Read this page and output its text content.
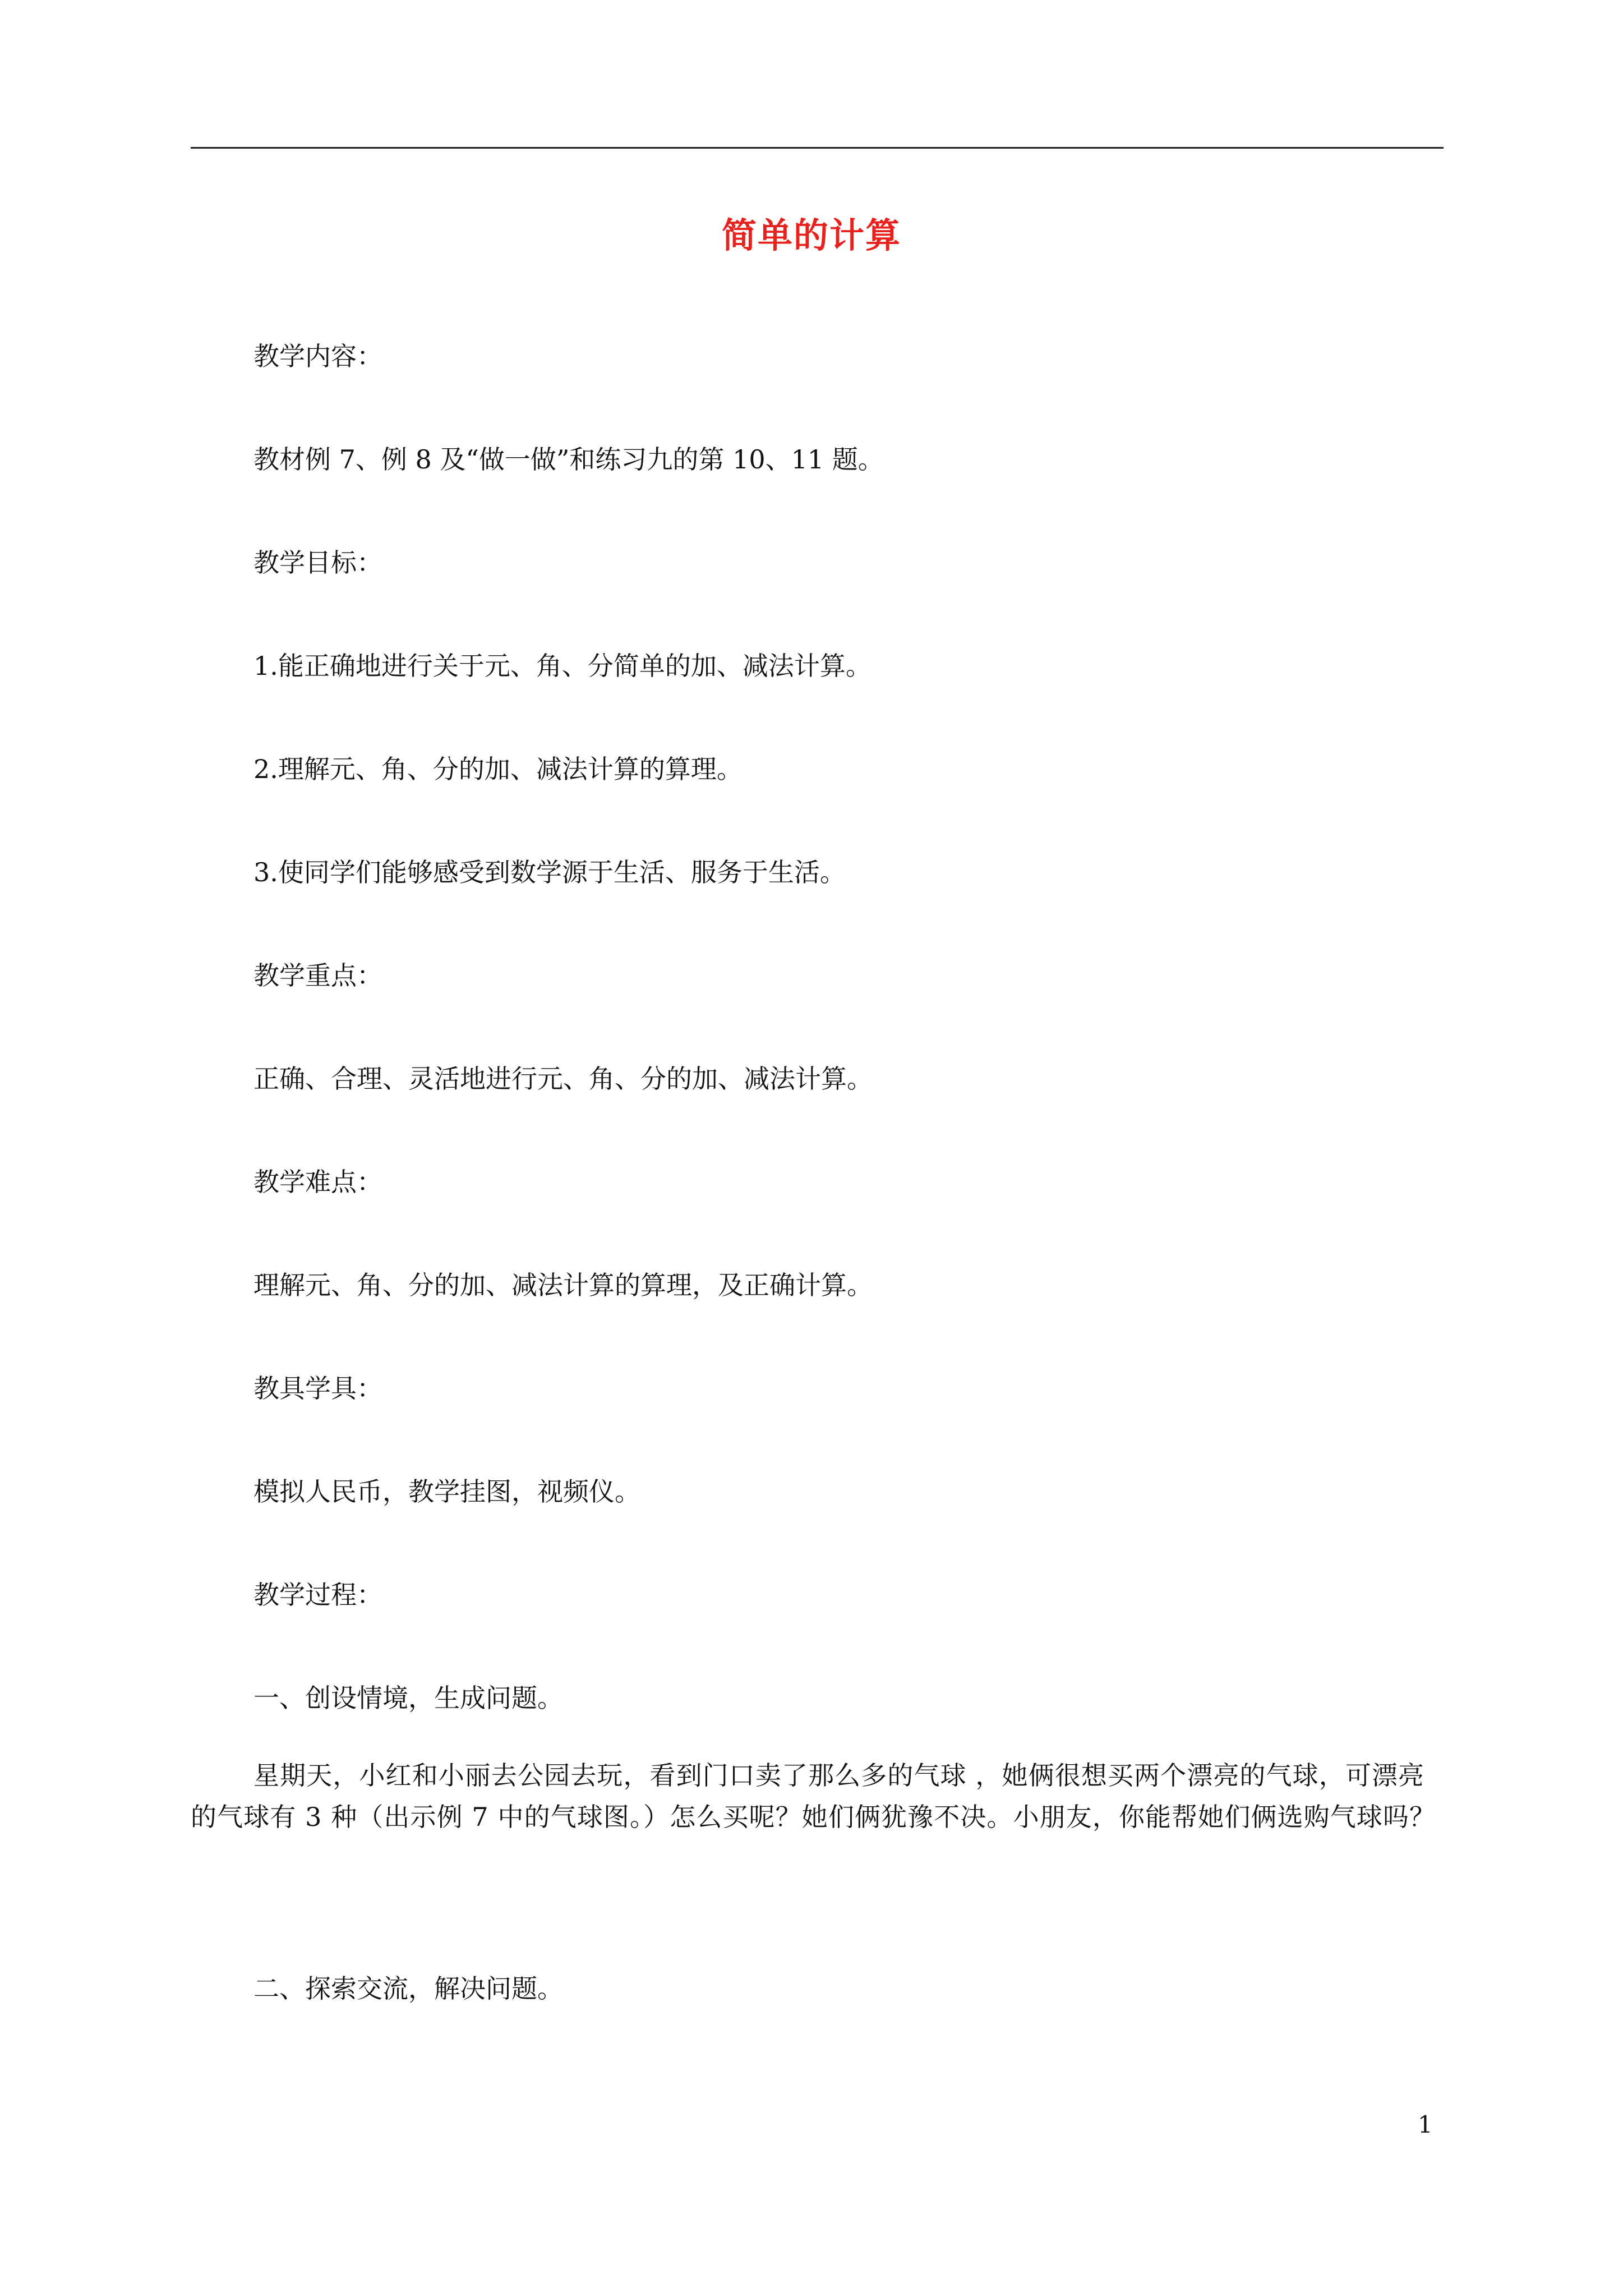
简单的计算

教学内容：

教材例 7、例 8 及“做一做”和练习九的第 10、11 题。

教学目标：

1.能正确地进行关于元、角、分简单的加、减法计算。

2.理解元、角、分的加、减法计算的算理。

3.使同学们能够感受到数学源于生活、服务于生活。

教学重点：

正确、合理、灵活地进行元、角、分的加、减法计算。

教学难点：

理解元、角、分的加、减法计算的算理，及正确计算。

教具学具：

模拟人民币，教学挂图，视频仪。

教学过程：

一、创设情境，生成问题。

星期天，小红和小丽去公园去玩，看到门口卖了那么多的气球 ，她俩很想买两个漂亮的气球，可漂亮的气球有 3 种（出示例 7 中的气球图。）怎么买呢？她们俩犹豫不决。小朋友，你能帮她们俩选购气球吗？
二、探索交流，解决问题。
1
